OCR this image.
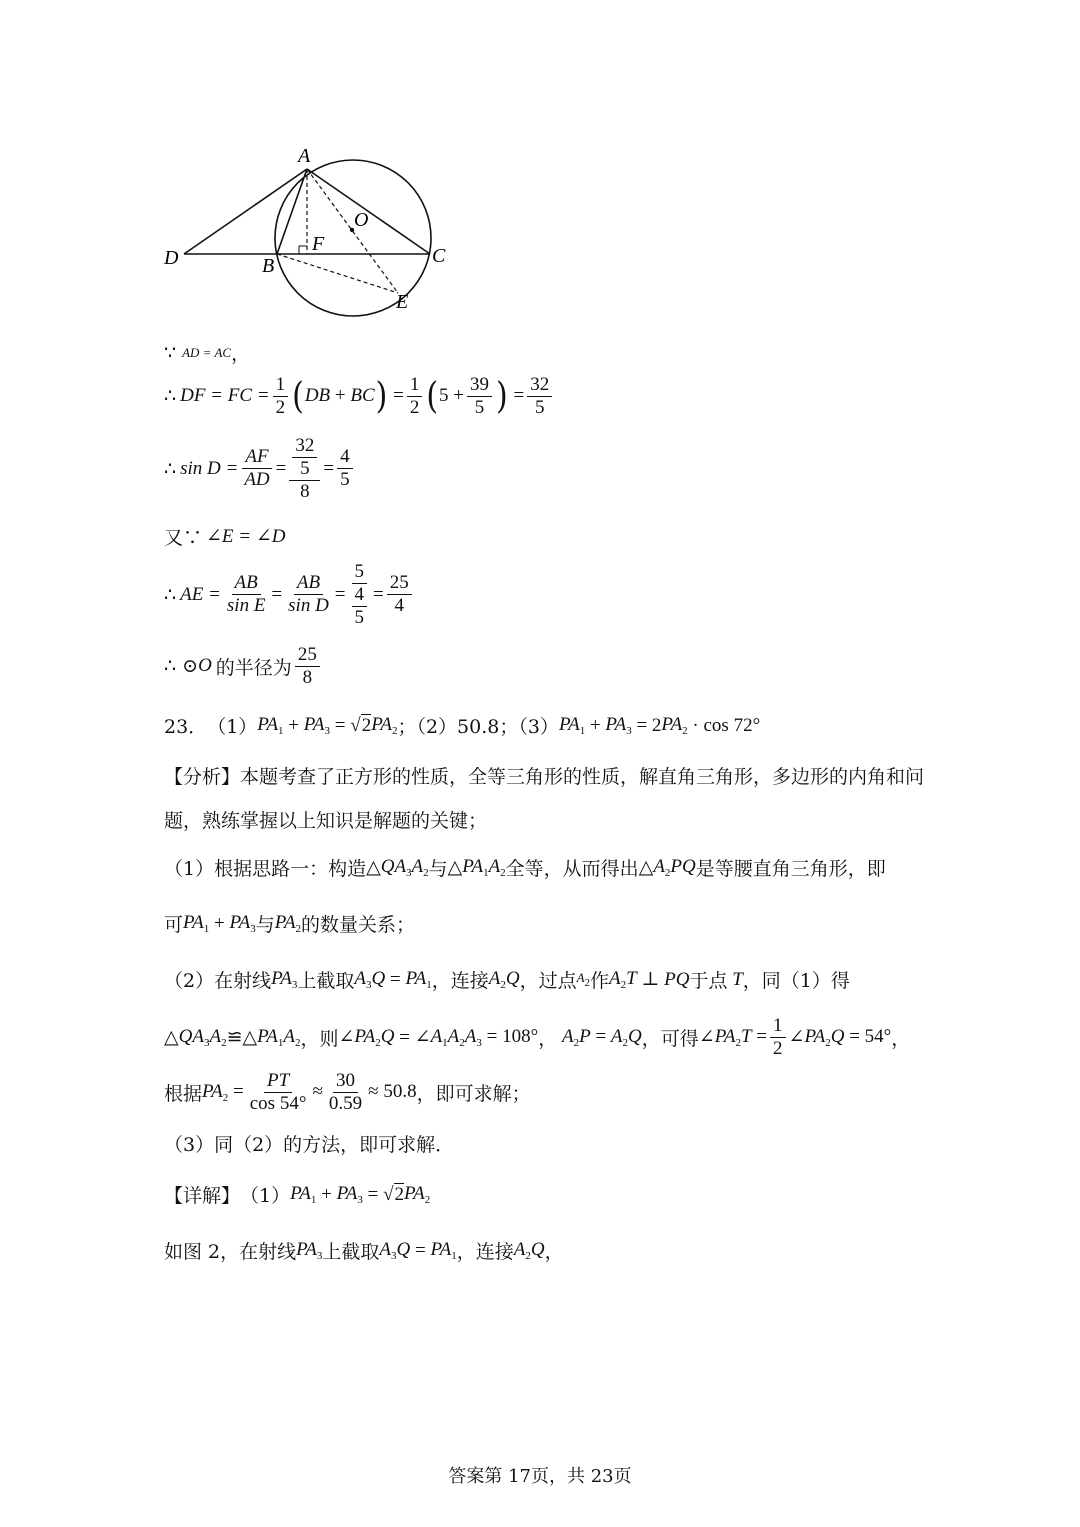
A
O
F
D	B	C
E
∵ AD = AC ，
∴ DF = FC = $\frac{1}{2}$ ( DB + BC ) = $\frac{1}{2}$ ( $5 + \frac{39}{5}$ ) = $\frac{32}{5}$
∴ $\sin D = \frac{AF}{AD} = \frac{\frac{32}{5}}{8} = \frac{4}{5}$
又∵ ∠E = ∠D
∴ AE = $\frac{AB}{\text{sin E}} = \frac{AB}{\text{sin D}} = \frac{5}{\frac{4}{5}} = \frac{25}{4}$
∴ ⊙ O 的半径为 $\frac{25}{8}$
23． （1） $PA_1 + PA_3 = √2$ $PA_2$ ；（2）50.8；（3） $PA_1 + PA_3 = 2$ $PA_2 \cdot \cos 72^\circ$
【分析】 本题考查了正方形的性质，全等三角形的性质，解直角三角形，多边形的内角和问
题，熟练掌握以上知识是解题的关键；
（1）根据思路一：构造 △ $QA_3A_2$ 与 △ $PA_1A_2$ 全等，从而得出 △ $A_2PQ$ 是等腰直角三角形，即
可 $PA_1 + PA_3$ 与 $PA_2$ 的数量关系；
（2）在射线 $PA_3$ 上截取 $A_3Q = PA_1$ ，连接 $A_2Q$ ，过点 $A_2$ 作 $A_2T$ ⊥ PQ 于点 T ，同（1）得
△ $QA_3A_2$ ≌△ $PA_1A_2$ ，则 ∠ $PA_2Q$ = ∠ $A_1A_2A_3 = 108^\circ$ ， $A_2P = A_2Q$ ，可得 ∠ $PA_2T = \frac{1}{2}$ ∠ $PA_2Q = 54^\circ$ ，
根据 $PA_2 = \frac{PT}{\cos 54^\circ} \approx \frac{30}{0.59} \approx 50.8$ ，即可求解；
（3）同（2）的方法，即可求解．
【详解】 （1） $PA_1 + PA_3 = √2$ $PA_2$
如图 2，在射线 $PA_3$ 上截取 $A_3Q = PA_1$ ，连接 $A_2Q$ ，
答案第 17页，共 23页
